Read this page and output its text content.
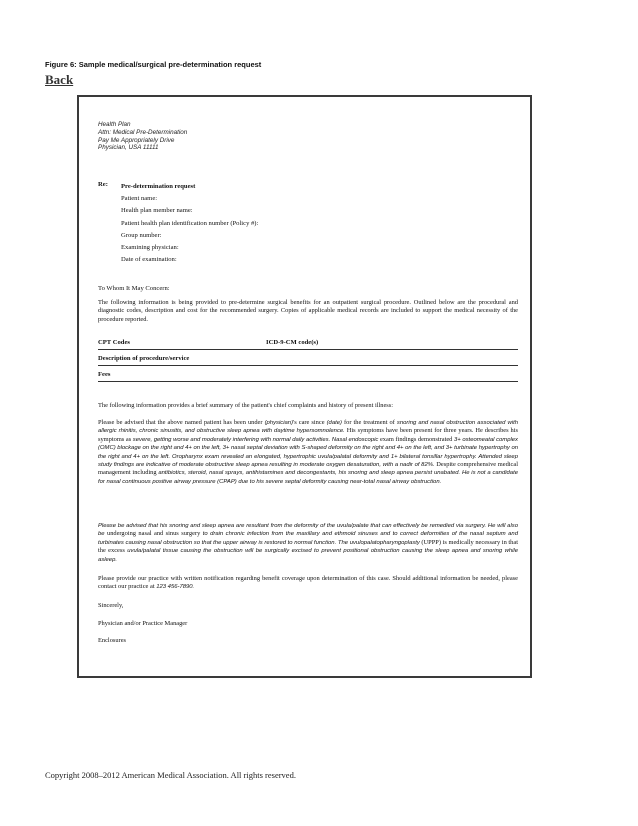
Figure 6: Sample medical/surgical pre-determination request
Back
Health Plan
Attn: Medical Pre-Determination
Pay Me Appropriately Drive
Physician, USA 11111
Re: Pre-determination request
Patient name:
Health plan member name:
Patient health plan identification number (Policy #):
Group number:
Examining physician:
Date of examination:
To Whom It May Concern:
The following information is being provided to pre-determine surgical benefits for an outpatient surgical procedure. Outlined below are the procedural and diagnostic codes, description and cost for the recommended surgery. Copies of applicable medical records are included to support the medical necessity of the procedure reported.
CPT Codes	ICD-9-CM code(s)
Description of procedure/service
Fees
The following information provides a brief summary of the patient's chief complaints and history of present illness:
Please be advised that the above named patient has been under (physician)'s care since (date) for the treatment of snoring and nasal obstruction associated with allergic rhinitis, chronic sinusitis, and obstructive sleep apnea with daytime hypersomnolence. His symptoms have been present for three years. He describes his symptoms as severe, getting worse and moderately interfering with normal daily activities. Nasal endoscopic exam findings demonstrated 3+ osteomeatal complex (OMC) blockage on the right and 4+ on the left, 3+ nasal septal deviation with S-shaped deformity on the right and 4+ on the left, and 3+ turbinate hypertrophy on the right and 4+ on the left. Oropharynx exam revealed an elongated, hypertrophic uvula/palatal deformity and 1+ bilateral tonsillar hypertrophy. Attended sleep study findings are indicative of moderate obstructive sleep apnea resulting in moderate oxygen desaturation, with a nadir of 82%. Despite comprehensive medical management including antibiotics, steroid, nasal sprays, antihistamines and decongestants, his snoring and sleep apnea persist unabated. He is not a candidate for nasal continuous positive airway pressure (CPAP) due to his severe septal deformity causing near-total nasal airway obstruction.
Please be advised that his snoring and sleep apnea are resultant from the deformity of the uvula/palate that can effectively be remedied via surgery. He will also be undergoing nasal and sinus surgery to drain chronic infection from the maxillary and ethmoid sinuses and to correct deformities of the nasal septum and turbinates causing nasal obstruction so that the upper airway is restored to normal function. The uvulopalatopharyngoplasty (UPPP) is medically necessary in that the excess uvula/palatal tissue causing the obstruction will be surgically excised to prevent positional obstruction causing the sleep apnea and snoring while asleep.
Please provide our practice with written notification regarding benefit coverage upon determination of this case. Should additional information be needed, please contact our practice at 123 456-7890.
Sincerely,
Physician and/or Practice Manager
Enclosures
Copyright 2008–2012 American Medical Association. All rights reserved.
